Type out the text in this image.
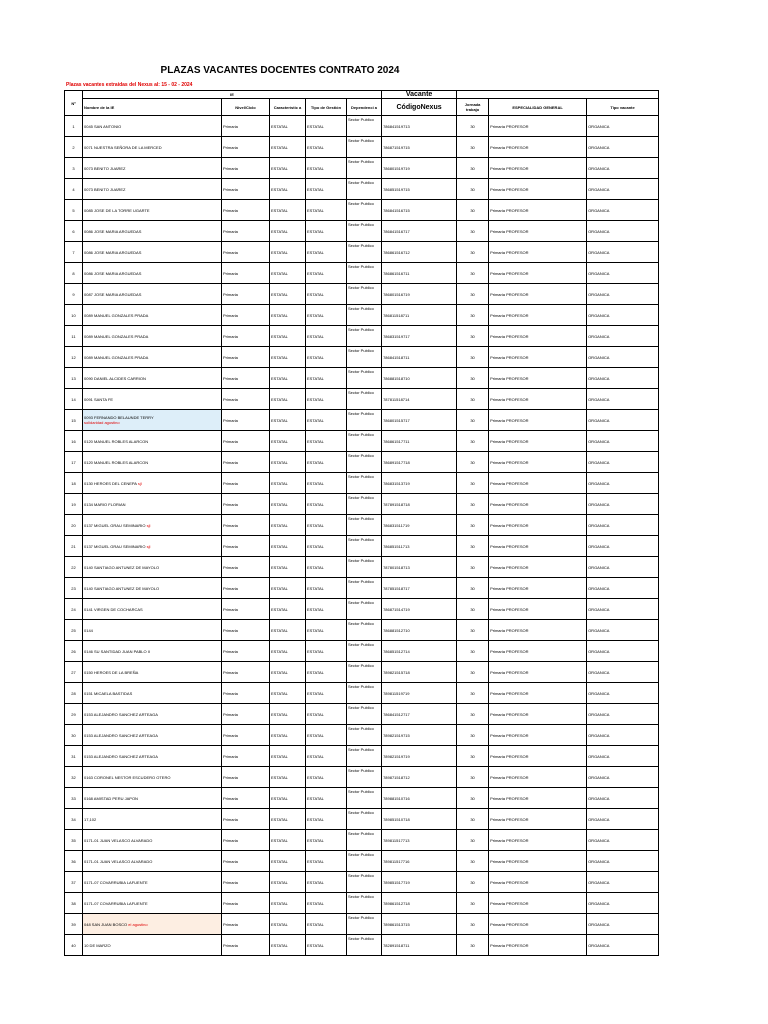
PLAZAS VACANTES DOCENTES CONTRATO 2024
Plazas vacantes extraidas del Nexus al: 15 - 02 - 2024
Nº	IE					Vacante			
	Nombre de la IE	Nivel/Ciclo	Característic a	Tipo de Gestión	Dependenci a	CódigoNexus	Jornada trabajo	ESPECIALIDAD GENERAL	Tipo vacante
1	0045 SAN ANTONIO	Primaria	ESTATAL	ESTATAL	Sector Publico	786841519713	30	Primaria PROFESOR	ORGANICA
2	0071 NUESTRA SEÑORA DE LA MERCED	Primaria	ESTATAL	ESTATAL	Sector Publico	786871519715	30	Primaria PROFESOR	ORGANICA
3	0073 BENITO JUAREZ	Primaria	ESTATAL	ESTATAL	Sector Publico	786801519719	30	Primaria PROFESOR	ORGANICA
4	0073 BENITO JUAREZ	Primaria	ESTATAL	ESTATAL	Sector Publico	786851519715	30	Primaria PROFESOR	ORGANICA
5	0085 JOSE DE LA TORRE UGARTE	Primaria	ESTATAL	ESTATAL	Sector Publico	786841516715	30	Primaria PROFESOR	ORGANICA
6	0086 JOSE MARIA ARGUEDAS	Primaria	ESTATAL	ESTATAL	Sector Publico	786841516717	30	Primaria PROFESOR	ORGANICA
7	0086 JOSE MARIA ARGUEDAS	Primaria	ESTATAL	ESTATAL	Sector Publico	786861516712	30	Primaria PROFESOR	ORGANICA
8	0086 JOSE MARIA ARGUEDAS	Primaria	ESTATAL	ESTATAL	Sector Publico	786861516711	30	Primaria PROFESOR	ORGANICA
9	0087 JOSE MARIA ARGUEDAS	Primaria	ESTATAL	ESTATAL	Sector Publico	786801516719	30	Primaria PROFESOR	ORGANICA
10	0089 MANUEL GONZALES PRADA	Primaria	ESTATAL	ESTATAL	Sector Publico	786811518711	30	Primaria PROFESOR	ORGANICA
11	0089 MANUEL GONZALES PRADA	Primaria	ESTATAL	ESTATAL	Sector Publico	786831519717	30	Primaria PROFESOR	ORGANICA
12	0089 MANUEL GONZALES PRADA	Primaria	ESTATAL	ESTATAL	Sector Publico	786841518711	30	Primaria PROFESOR	ORGANICA
13	0090 DANIEL ALCIDES CARRION	Primaria	ESTATAL	ESTATAL	Sector Publico	786881518710	30	Primaria PROFESOR	ORGANICA
14	0091 SANTA FE	Primaria	ESTATAL	ESTATAL	Sector Publico	787811518714	30	Primaria PROFESOR	ORGANICA
15	0093 FERNANDO BELAUNDE TERRY
solidaridad agustino	Primaria	ESTATAL	ESTATAL	Sector Publico	786801515717	30	Primaria PROFESOR	ORGANICA
16	0120 MANUEL ROBLES ALARCON	Primaria	ESTATAL	ESTATAL	Sector Publico	786861517711	30	Primaria PROFESOR	ORGANICA
17	0120 MANUEL ROBLES ALARCON	Primaria	ESTATAL	ESTATAL	Sector Publico	786891517718	30	Primaria PROFESOR	ORGANICA
18	0130 HEROES DEL CENEPA sjl	Primaria	ESTATAL	ESTATAL	Sector Publico	786831513719	30	Primaria PROFESOR	ORGANICA
19	0134 MARIO FLORIAN	Primaria	ESTATAL	ESTATAL	Sector Publico	787891518718	30	Primaria PROFESOR	ORGANICA
20	0137 MIGUEL GRAU SEMINARIO sjl	Primaria	ESTATAL	ESTATAL	Sector Publico	786831511719	30	Primaria PROFESOR	ORGANICA
21	0137 MIGUEL GRAU SEMINARIO sjl	Primaria	ESTATAL	ESTATAL	Sector Publico	786851511713	30	Primaria PROFESOR	ORGANICA
22	0140 SANTIAGO ANTUNEZ DE MAYOLO	Primaria	ESTATAL	ESTATAL	Sector Publico	787801518713	30	Primaria PROFESOR	ORGANICA
23	0140 SANTIAGO ANTUNEZ DE MAYOLO	Primaria	ESTATAL	ESTATAL	Sector Publico	787851518717	30	Primaria PROFESOR	ORGANICA
24	0141 VIRGEN DE COCHARCAS	Primaria	ESTATAL	ESTATAL	Sector Publico	786871514719	30	Primaria PROFESOR	ORGANICA
25	0144	Primaria	ESTATAL	ESTATAL	Sector Publico	786881512710	30	Primaria PROFESOR	ORGANICA
26	0146 SU SANTIDAD JUAN PABLO II	Primaria	ESTATAL	ESTATAL	Sector Publico	786851512714	30	Primaria PROFESOR	ORGANICA
27	0150 HEROES DE LA BREÑA	Primaria	ESTATAL	ESTATAL	Sector Publico	789821515718	30	Primaria PROFESOR	ORGANICA
28	0151 MICAELA BASTIDAS	Primaria	ESTATAL	ESTATAL	Sector Publico	789811519719	30	Primaria PROFESOR	ORGANICA
29	0153 ALEJANDRO SANCHEZ ARTEAGA	Primaria	ESTATAL	ESTATAL	Sector Publico	786841512717	30	Primaria PROFESOR	ORGANICA
30	0153 ALEJANDRO SANCHEZ ARTEAGA	Primaria	ESTATAL	ESTATAL	Sector Publico	789821519715	30	Primaria PROFESOR	ORGANICA
31	0153 ALEJANDRO SANCHEZ ARTEAGA	Primaria	ESTATAL	ESTATAL	Sector Publico	789821519719	30	Primaria PROFESOR	ORGANICA
32	0163 CORONEL NESTOR ESCUDERO OTERO	Primaria	ESTATAL	ESTATAL	Sector Publico	789871518712	30	Primaria PROFESOR	ORGANICA
33	0168 AMISTAD PERU JAPON	Primaria	ESTATAL	ESTATAL	Sector Publico	789881510716	30	Primaria PROFESOR	ORGANICA
34	17,102	Primaria	ESTATAL	ESTATAL	Sector Publico	789851510718	30	Primaria PROFESOR	ORGANICA
35	0171-01 JUAN VELASCO ALVARADO	Primaria	ESTATAL	ESTATAL	Sector Publico	789811517713	30	Primaria PROFESOR	ORGANICA
36	0171-01 JUAN VELASCO ALVARADO	Primaria	ESTATAL	ESTATAL	Sector Publico	789811517716	30	Primaria PROFESOR	ORGANICA
37	0171-07 COVARRUBIA LAFUENTE	Primaria	ESTATAL	ESTATAL	Sector Publico	789851517719	30	Primaria PROFESOR	ORGANICA
38	0171-07 COVARRUBIA LAFUENTE	Primaria	ESTATAL	ESTATAL	Sector Publico	789861512718	30	Primaria PROFESOR	ORGANICA
39	048 SAN JUAN BOSCO el agustino	Primaria	ESTATAL	ESTATAL	Sector Publico	789861513715	30	Primaria PROFESOR	ORGANICA
40	10 DE MARZO	Primaria	ESTATAL	ESTATAL	Sector Publico	782891518711	30	Primaria PROFESOR	ORGANICA
